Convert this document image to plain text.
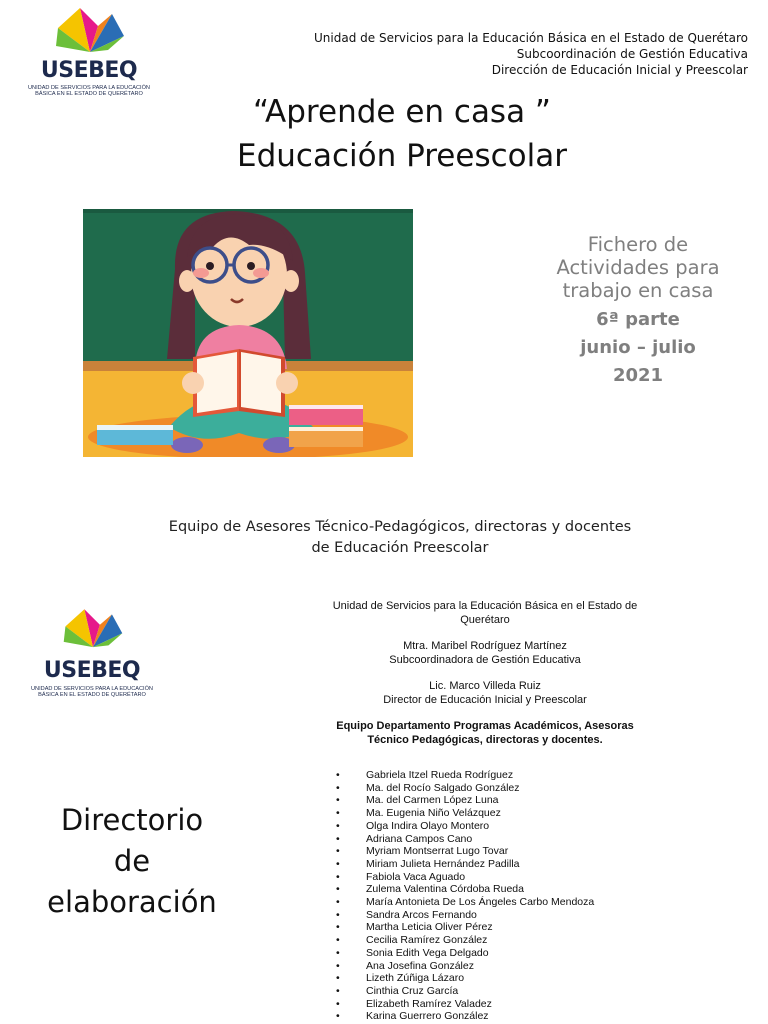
USEBEQ
UNIDAD DE SERVICIOS PARA LA EDUCACIÓN
BÁSICA EN EL ESTADO DE QUERÉTARO
Unidad de Servicios para la Educación Básica en el Estado de Querétaro
Subcoordinación de Gestión Educativa
Dirección de Educación Inicial y Preescolar
“Aprende en casa ”
Educación Preescolar
Fichero de
Actividades para
trabajo en casa
6ª parte
junio – julio
2021
Equipo de Asesores Técnico-Pedagógicos, directoras y docentes
de Educación Preescolar
USEBEQ
UNIDAD DE SERVICIOS PARA LA EDUCACIÓN
BÁSICA EN EL ESTADO DE QUERÉTARO
Unidad de Servicios para la Educación Básica en el Estado de
Querétaro
Mtra. Maribel Rodríguez Martínez
Subcoordinadora de Gestión Educativa
Lic. Marco Villeda Ruiz
Director de Educación Inicial y Preescolar
Equipo Departamento Programas Académicos, Asesoras
Técnico Pedagógicas, directoras y docentes.
Directorio
de
elaboración
• Gabriela Itzel Rueda Rodríguez
• Ma. del Rocío Salgado González
• Ma. del Carmen López Luna
• Ma. Eugenia Niño Velázquez
• Olga Indira Olayo Montero
• Adriana Campos Cano
• Myriam Montserrat Lugo Tovar
• Miriam Julieta Hernández Padilla
• Fabiola Vaca Aguado
• Zulema Valentina Córdoba Rueda
• María Antonieta De Los Ángeles Carbo Mendoza
• Sandra Arcos Fernando
• Martha Leticia Oliver Pérez
• Cecilia Ramírez González
• Sonia Edith Vega Delgado
• Ana Josefina González
• Lizeth Zúñiga Lázaro
• Cinthia Cruz García
• Elizabeth Ramírez Valadez
• Karina Guerrero González
